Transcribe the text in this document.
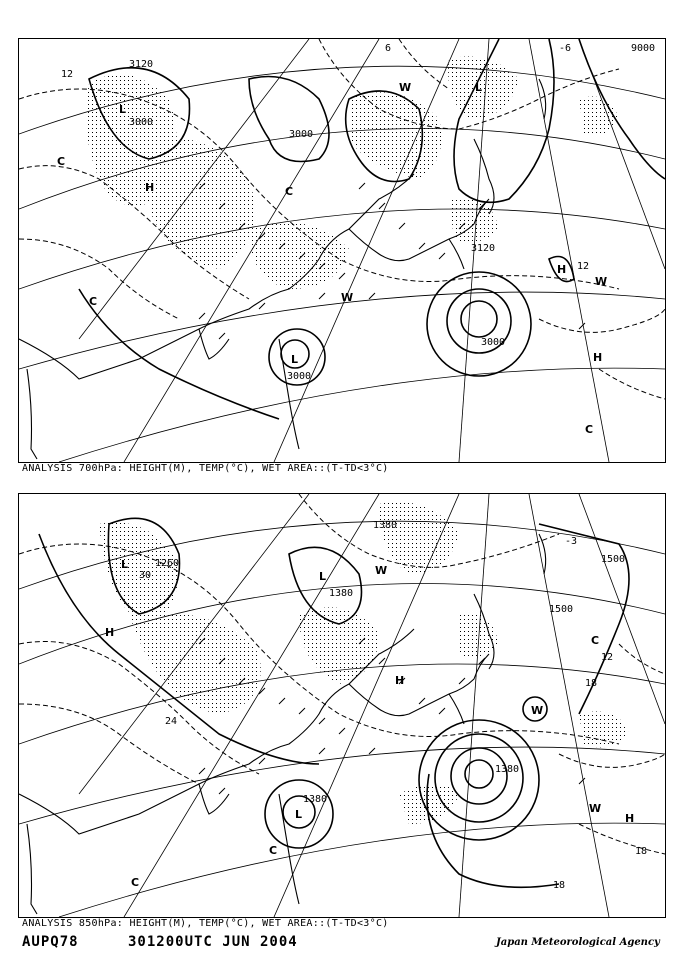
3120
3000
9000
3000
3000
3000
3120
12
12
6	-6
L
L
L
H
H
H
W
W
W
C
C
C
C
ANALYSIS 700hPa: HEIGHT(M), TEMP(°C), WET AREA::(T-TD<3°C)
1260
1380
1500
1500
1380
1380
1380
30
24
18
18
18
12
-3
L
L
L
H
H
H
W
W
W
C
C
C
ANALYSIS 850hPa: HEIGHT(M), TEMP(°C), WET AREA::(T-TD<3°C)
AUPQ78	301200UTC JUN 2004	Japan Meteorological Agency
